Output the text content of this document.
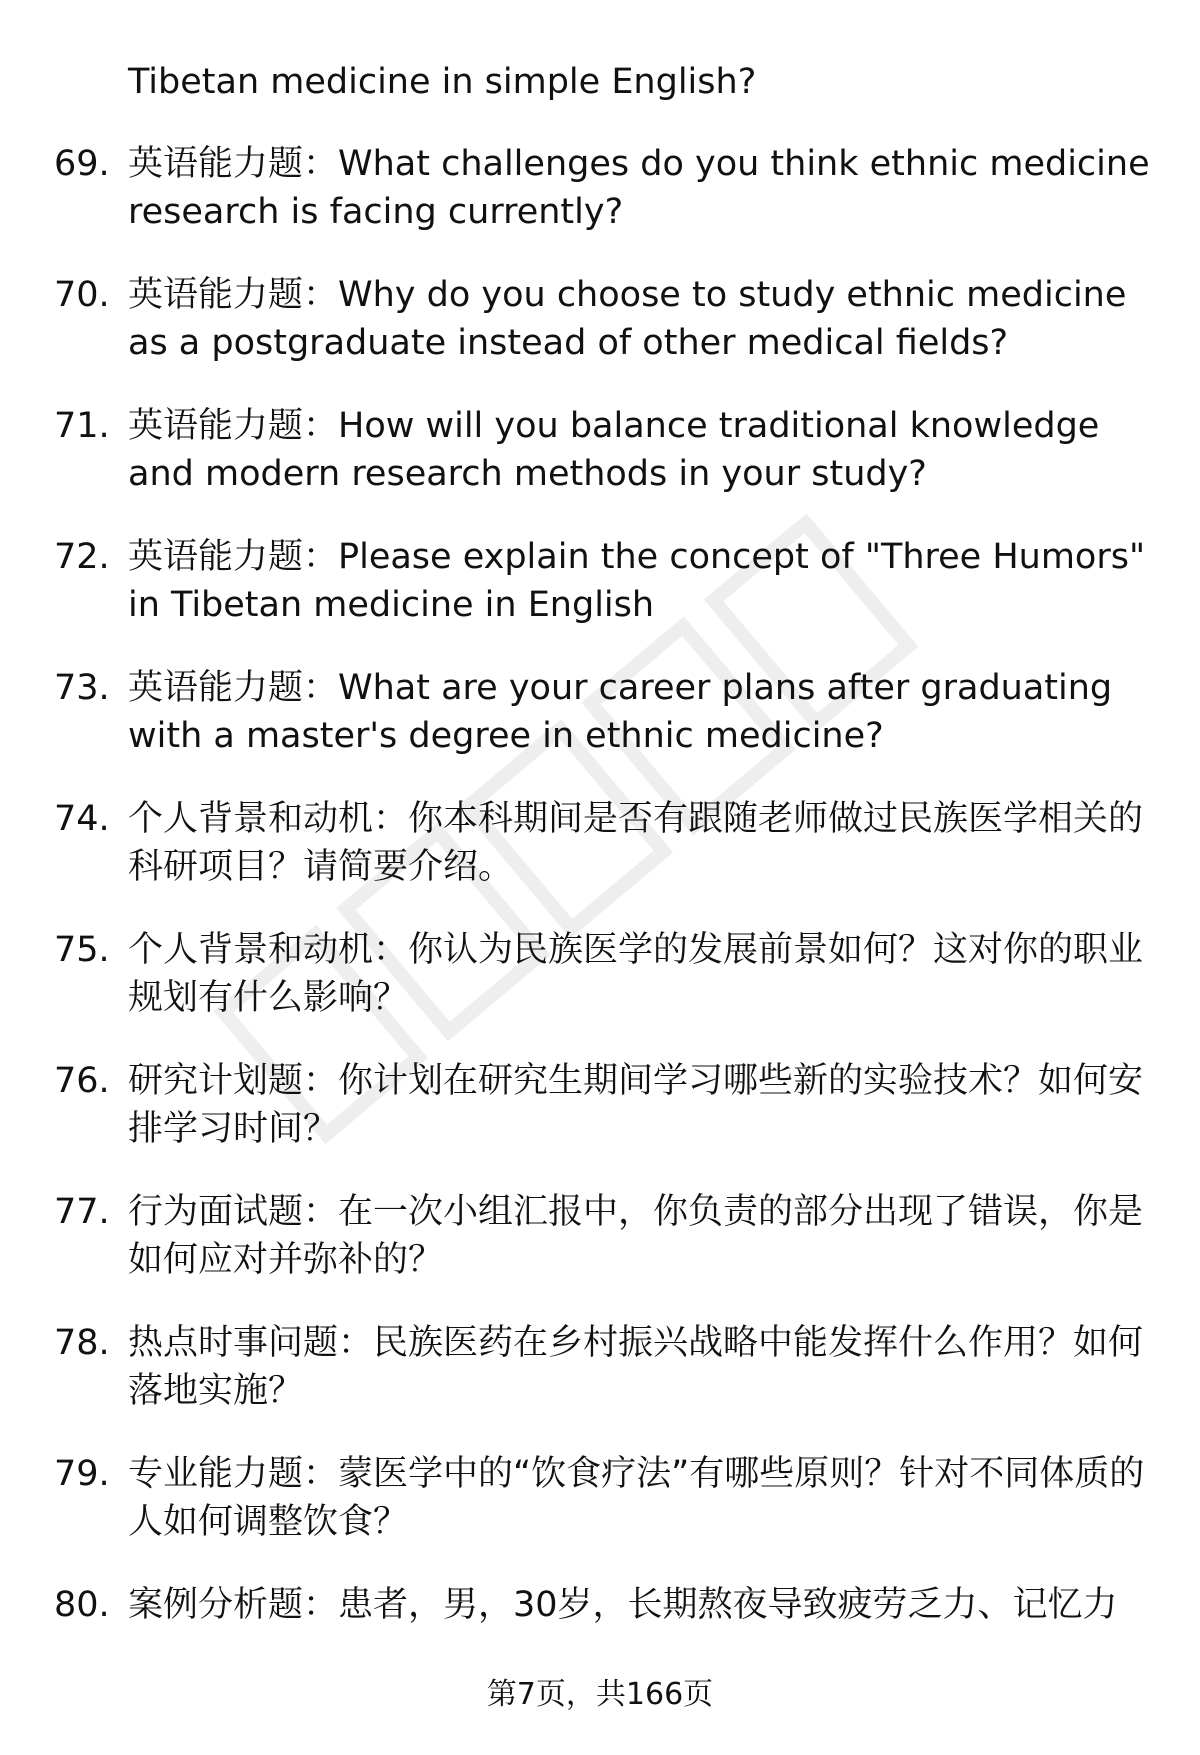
Tibetan medicine in simple English?

69. 英语能力题：What challenges do you think ethnic medicine research is facing currently?

70. 英语能力题：Why do you choose to study ethnic medicine as a postgraduate instead of other medical fields?

71. 英语能力题：How will you balance traditional knowledge and modern research methods in your study?

72. 英语能力题：Please explain the concept of "Three Humors" in Tibetan medicine in English

73. 英语能力题：What are your career plans after graduating with a master's degree in ethnic medicine?

74. 个人背景和动机：你本科期间是否有跟随老师做过民族医学相关的科研项目？请简要介绍。

75. 个人背景和动机：你认为民族医学的发展前景如何？这对你的职业规划有什么影响？

76. 研究计划题：你计划在研究生期间学习哪些新的实验技术？如何安排学习时间？

77. 行为面试题：在一次小组汇报中，你负责的部分出现了错误，你是如何应对并弥补的？

78. 热点时事问题：民族医药在乡村振兴战略中能发挥什么作用？如何落地实施？

79. 专业能力题：蒙医学中的“饮食疗法”有哪些原则？针对不同体质的人如何调整饮食？

80. 案例分析题：患者，男，30岁，长期熬夜导致疲劳乏力、记忆力

第7页，共166页
